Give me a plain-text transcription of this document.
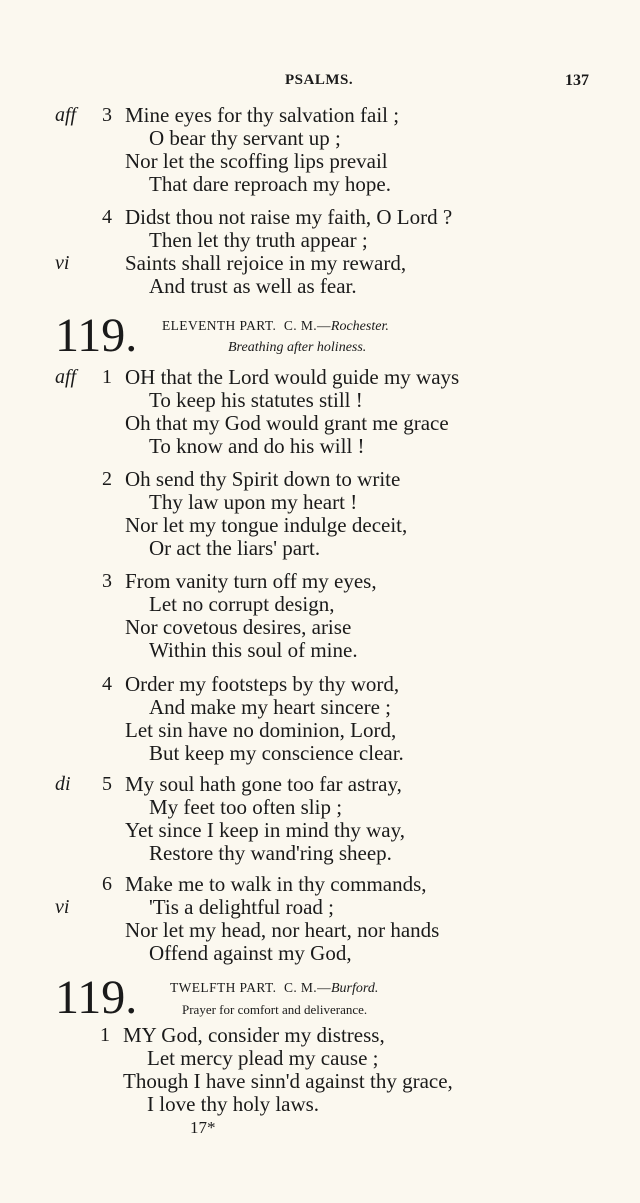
PSALMS.	137
aff 3 Mine eyes for thy salvation fail ;
O bear thy servant up ;
Nor let the scoffing lips prevail
That dare reproach my hope.
4 Didst thou not raise my faith, O Lord ?
Then let thy truth appear ;
vi	Saints shall rejoice in my reward,
And trust as well as fear.
119. ELEVENTH PART. C. M.—Rochester.
Breathing after holiness.
aff 1 OH that the Lord would guide my ways
To keep his statutes still !
Oh that my God would grant me grace
To know and do his will !
2 Oh send thy Spirit down to write
Thy law upon my heart !
Nor let my tongue indulge deceit,
Or act the liars' part.
3 From vanity turn off my eyes,
Let no corrupt design,
Nor covetous desires, arise
Within this soul of mine.
4 Order my footsteps by thy word,
And make my heart sincere ;
Let sin have no dominion, Lord,
But keep my conscience clear.
di 5 My soul hath gone too far astray,
My feet too often slip ;
Yet since I keep in mind thy way,
Restore thy wand'ring sheep.
6 Make me to walk in thy commands,
vi	'Tis a delightful road ;
Nor let my head, nor heart, nor hands
Offend against my God,
119. TWELFTH PART. C. M.—Burford.
Prayer for comfort and deliverance.
1 MY God, consider my distress,
Let mercy plead my cause ;
Though I have sinn'd against thy grace,
I love thy holy laws.
17*
